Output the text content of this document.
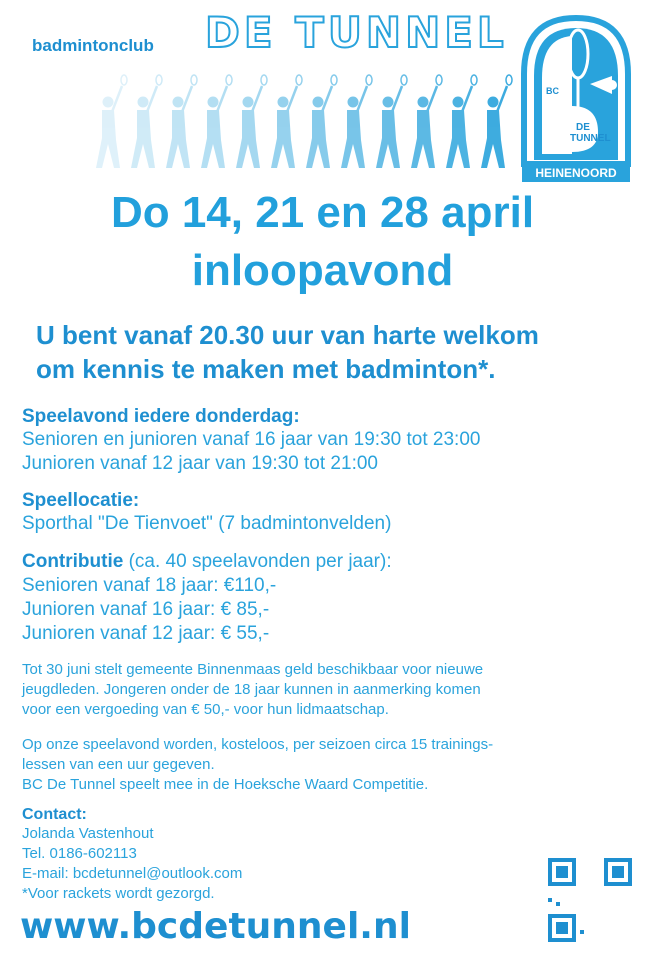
badmintonclub DE TUNNEL
BC
DE
TUNNEL
HEINENOORD
Do 14, 21 en 28 april
inloopavond
U bent vanaf 20.30 uur van harte welkom
om kennis te maken met badminton*.
Speelavond iedere donderdag:
Senioren en junioren vanaf 16 jaar van 19:30 tot 23:00
Junioren vanaf 12 jaar van 19:30 tot 21:00
Speellocatie:
Sporthal "De Tienvoet" (7 badmintonvelden)
Contributie (ca. 40 speelavonden per jaar):
Senioren vanaf 18 jaar: €110,-
Junioren vanaf 16 jaar: € 85,-
Junioren vanaf 12 jaar: € 55,-
Tot 30 juni stelt gemeente Binnenmaas geld beschikbaar voor nieuwe
jeugdleden. Jongeren onder de 18 jaar kunnen in aanmerking komen
voor een vergoeding van € 50,- voor hun lidmaatschap.
Op onze speelavond worden, kosteloos, per seizoen circa 15 trainings-
lessen van een uur gegeven.
BC De Tunnel speelt mee in de Hoeksche Waard Competitie.
Contact:
Jolanda Vastenhout
Tel. 0186-602113
E-mail: bcdetunnel@outlook.com
*Voor rackets wordt gezorgd.
www.bcdetunnel.nl
